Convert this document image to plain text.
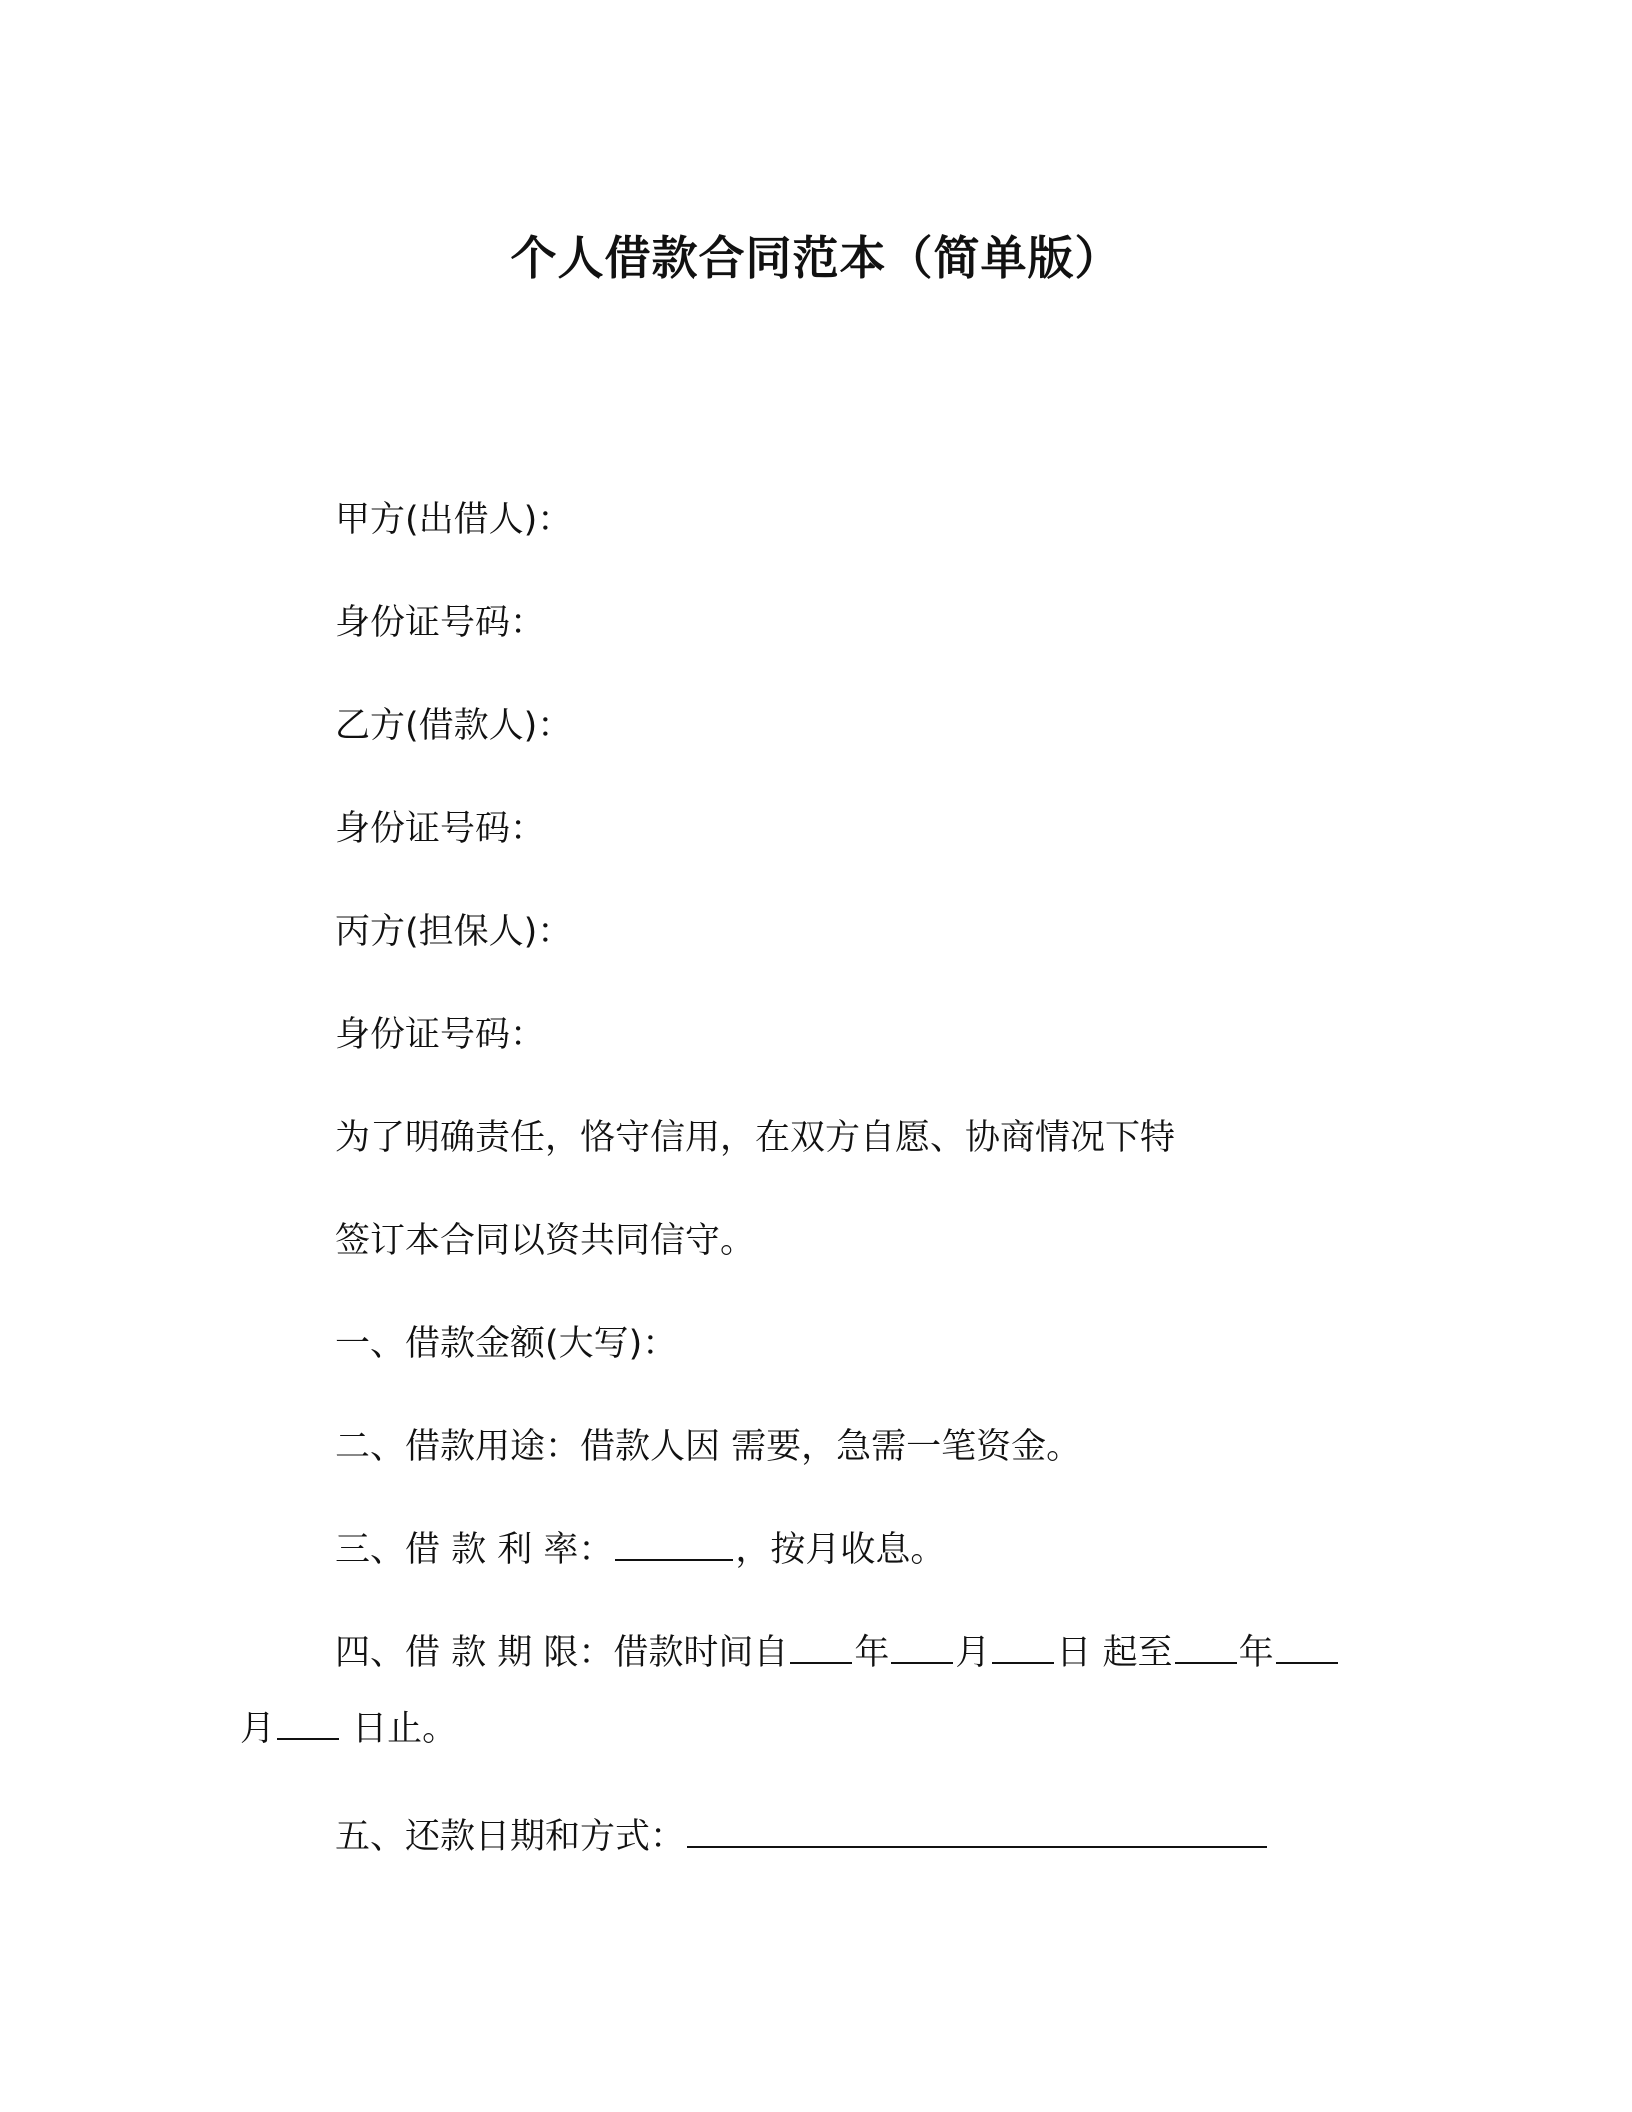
个人借款合同范本（简单版）
甲方(出借人)：
身份证号码：
乙方(借款人)：
身份证号码：
丙方(担保人)：
身份证号码：
为了明确责任，恪守信用，在双方自愿、协商情况下特
签订本合同以资共同信守。
一、借款金额(大写)：
二、借款用途：借款人因 需要，急需一笔资金。
三、借 款 利 率：	，按月收息。
四、借 款 期 限：借款时间自 年 月 日 起至 年
月 日止。
五、还款日期和方式：
